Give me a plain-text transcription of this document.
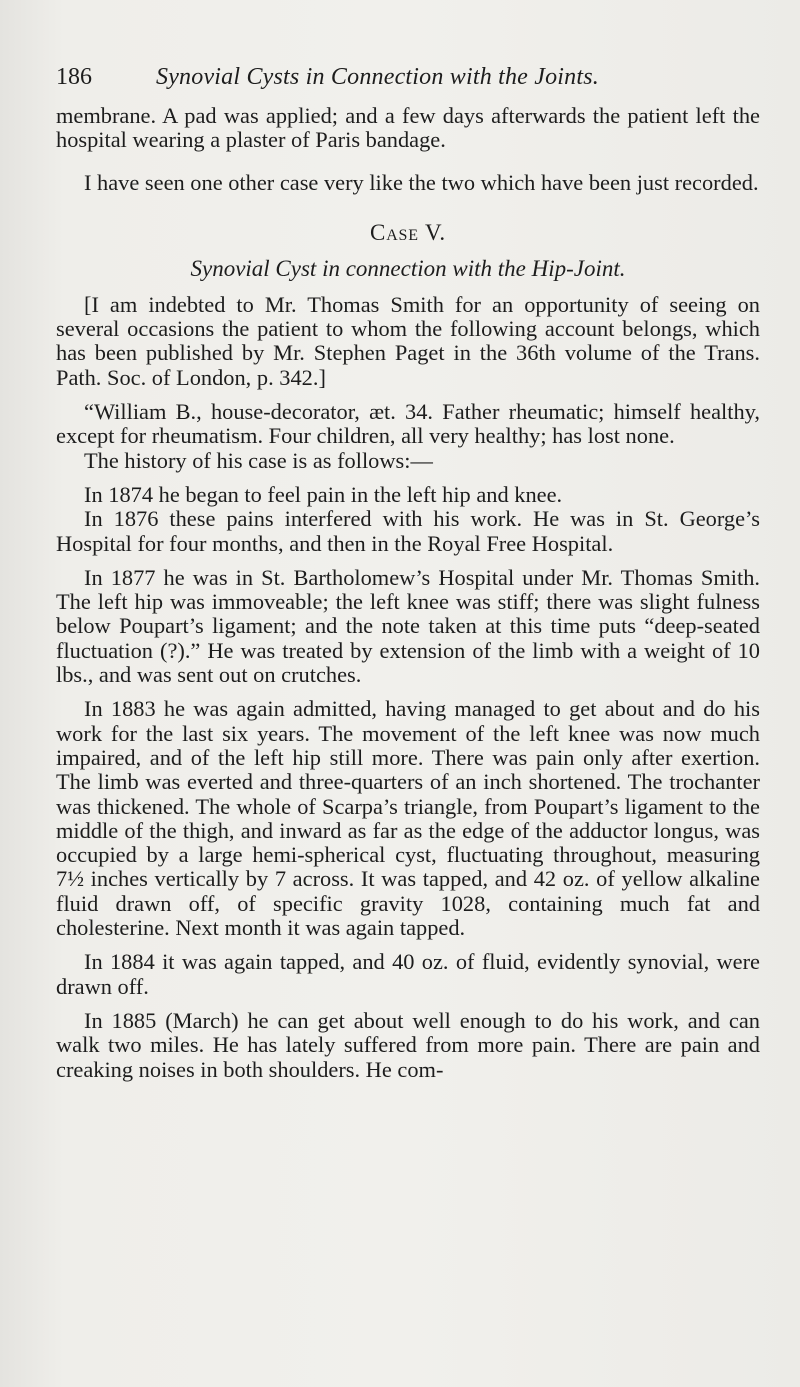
186	Synovial Cysts in Connection with the Joints.

membrane. A pad was applied; and a few days afterwards the patient left the hospital wearing a plaster of Paris bandage.

I have seen one other case very like the two which have been just recorded.

Case V.

Synovial Cyst in connection with the Hip-Joint.

[I am indebted to Mr. Thomas Smith for an opportunity of seeing on several occasions the patient to whom the following account belongs, which has been published by Mr. Stephen Paget in the 36th volume of the Trans. Path. Soc. of London, p. 342.]

“William B., house-decorator, æt. 34. Father rheumatic; himself healthy, except for rheumatism. Four children, all very healthy; has lost none.

The history of his case is as follows:—

In 1874 he began to feel pain in the left hip and knee.

In 1876 these pains interfered with his work. He was in St. George’s Hospital for four months, and then in the Royal Free Hospital.

In 1877 he was in St. Bartholomew’s Hospital under Mr. Thomas Smith. The left hip was immoveable; the left knee was stiff; there was slight fulness below Poupart’s ligament; and the note taken at this time puts “deep-seated fluctuation (?).” He was treated by extension of the limb with a weight of 10 lbs., and was sent out on crutches.

In 1883 he was again admitted, having managed to get about and do his work for the last six years. The movement of the left knee was now much impaired, and of the left hip still more. There was pain only after exertion. The limb was everted and three-quarters of an inch shortened. The trochanter was thickened. The whole of Scarpa’s triangle, from Poupart’s ligament to the middle of the thigh, and inward as far as the edge of the adductor longus, was occupied by a large hemi-spherical cyst, fluctuating throughout, measuring 7½ inches vertically by 7 across. It was tapped, and 42 oz. of yellow alkaline fluid drawn off, of specific gravity 1028, containing much fat and cholesterine. Next month it was again tapped.

In 1884 it was again tapped, and 40 oz. of fluid, evidently synovial, were drawn off.

In 1885 (March) he can get about well enough to do his work, and can walk two miles. He has lately suffered from more pain. There are pain and creaking noises in both shoulders. He com-
